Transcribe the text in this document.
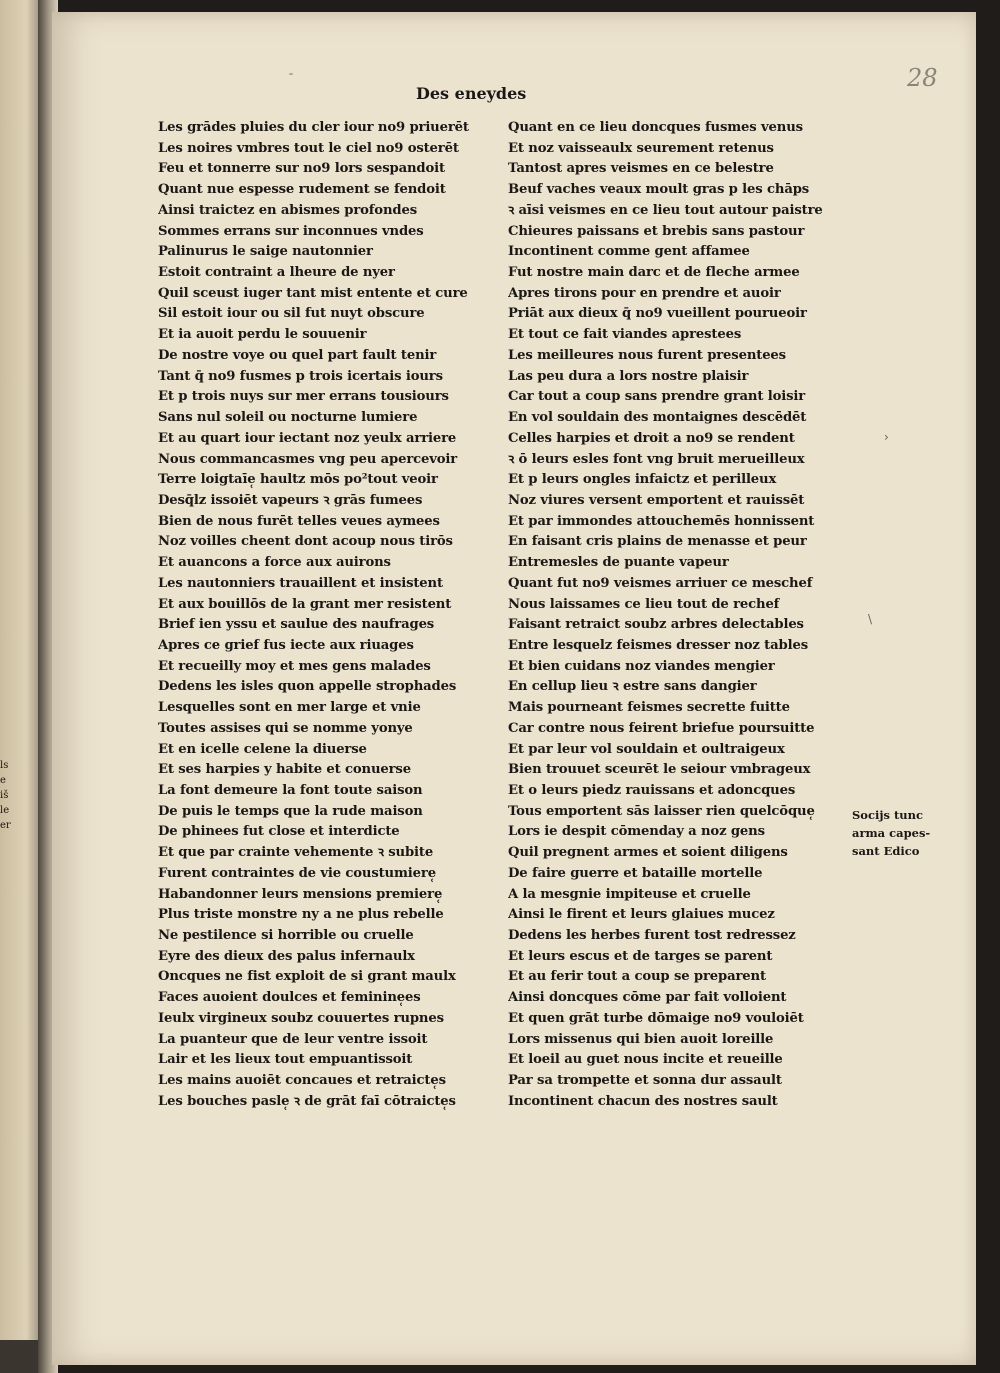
ls
e
iš
le
er
28
Des eneydes
ˉ
›
\
Les grādes pluies du cler iour no9 priuerēt
Les noires vmbres tout le ciel no9 osterēt
Feu et tonnerre sur no9 lors sespandoit
Quant nue espesse rudement se fendoit
Ainsi traictez en abismes profondes
Sommes errans sur inconnues vndes
Palinurus le saige nautonnier
Estoit contraint a lheure de nyer
Quil sceust iuger tant mist entente et cure
Sil estoit iour ou sil fut nuyt obscure
Et ia auoit perdu le souuenir
De nostre voye ou quel part fault tenir
Tant q̄ no9 fusmes p trois icertais iours
Et p trois nuys sur mer errans tousiours
Sans nul soleil ou nocturne lumiere
Et au quart iour iectant noz yeulx arriere
Nous commancasmes vng peu apercevoir
Terre loigtaīe̜ haultz mōs po²tout veoir
Desq̄lz issoiēt vapeurs ꝛ grās fumees
Bien de nous furēt telles veues aymees
Noz voilles cheent dont acoup nous tirōs
Et auancons a force aux auirons
Les nautonniers trauaillent et insistent
Et aux bouillōs de la grant mer resistent
Brief ien yssu et saulue des naufrages
Apres ce grief fus iecte aux riuages
Et recueilly moy et mes gens malades
Dedens les isles quon appelle strophades
Lesquelles sont en mer large et vnie
Toutes assises qui se nomme yonye
Et en icelle celene la diuerse
Et ses harpies y habite et conuerse
La font demeure la font toute saison
De puis le temps que la rude maison
De phinees fut close et interdicte
Et que par crainte vehemente ꝛ subite
Furent contraintes de vie coustumiere̜
Habandonner leurs mensions premiere̜
Plus triste monstre ny a ne plus rebelle
Ne pestilence si horrible ou cruelle
Eyre des dieux des palus infernaulx
Oncques ne fist exploit de si grant maulx
Faces auoient doulces et feminine̜es
Ieulx virgineux soubz couuertes rupnes
La puanteur que de leur ventre issoit
Lair et les lieux tout empuantissoit
Les mains auoiēt concaues et retraicte̜s
Les bouches pasle̜ ꝛ de grāt faī cōtraicte̜s
Quant en ce lieu doncques fusmes venus
Et noz vaisseaulx seurement retenus
Tantost apres veismes en ce belestre
Beuf vaches veaux moult gras p les chāps
ꝛ aīsi veismes en ce lieu tout autour paistre
Chieures paissans et brebis sans pastour
Incontinent comme gent affamee
Fut nostre main darc et de fleche armee
Apres tirons pour en prendre et auoir
Priāt aux dieux q̄ no9 vueillent pourueoir
Et tout ce fait viandes aprestees
Les meilleures nous furent presentees
Las peu dura a lors nostre plaisir
Car tout a coup sans prendre grant loisir
En vol souldain des montaignes descēdēt
Celles harpies et droit a no9 se rendent
ꝛ ō leurs esles font vng bruit merueilleux
Et p leurs ongles infaictz et perilleux
Noz viures versent emportent et rauissēt
Et par immondes attouchemēs honnissent
En faisant cris plains de menasse et peur
Entremesles de puante vapeur
Quant fut no9 veismes arriuer ce meschef
Nous laissames ce lieu tout de rechef
Faisant retraict soubz arbres delectables
Entre lesquelz feismes dresser noz tables
Et bien cuidans noz viandes mengier
En cellup lieu ꝛ estre sans dangier
Mais pourneant feismes secrette fuitte
Car contre nous feirent briefue poursuitte
Et par leur vol souldain et oultraigeux
Bien trouuet sceurēt le seiour vmbrageux
Et o leurs piedz rauissans et adoncques
Tous emportent sās laisser rien quelcōque̜
Lors ie despit cōmenday a noz gens
Quil pregnent armes et soient diligens
De faire guerre et bataille mortelle
A la mesgnie impiteuse et cruelle
Ainsi le firent et leurs glaiues mucez
Dedens les herbes furent tost redressez
Et leurs escus et de targes se parent
Et au ferir tout a coup se preparent
Ainsi doncques cōme par fait volloient
Et quen grāt turbe dōmaige no9 vouloiēt
Lors missenus qui bien auoit loreille
Et loeil au guet nous incite et reueille
Par sa trompette et sonna dur assault
Incontinent chacun des nostres sault
Socijs tunc
arma capes-
sant Edico
